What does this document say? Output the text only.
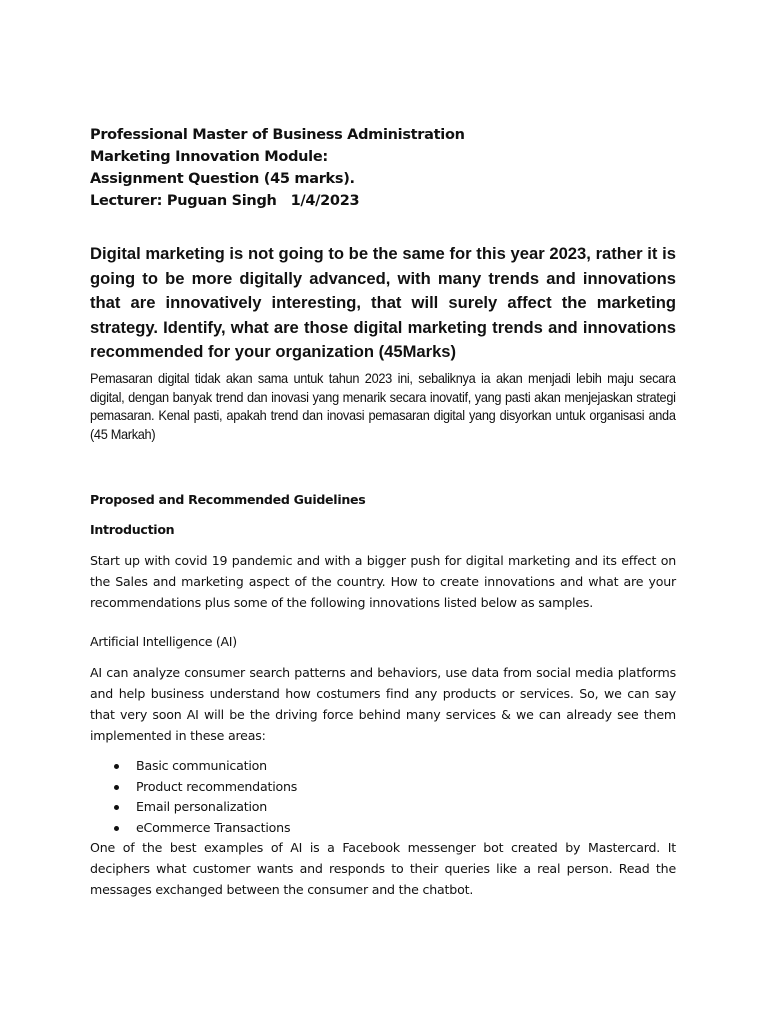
Professional Master of Business Administration
Marketing Innovation Module:
Assignment Question (45 marks).
Lecturer: Puguan Singh 1/4/2023
Digital marketing is not going to be the same for this year 2023, rather it is going to be more digitally advanced, with many trends and innovations that are innovatively interesting, that will surely affect the marketing strategy. Identify, what are those digital marketing trends and innovations recommended for your organization (45Marks)
Pemasaran digital tidak akan sama untuk tahun 2023 ini, sebaliknya ia akan menjadi lebih maju secara digital, dengan banyak trend dan inovasi yang menarik secara inovatif, yang pasti akan menjejaskan strategi pemasaran. Kenal pasti, apakah trend dan inovasi pemasaran digital yang disyorkan untuk organisasi anda (45 Markah)
Proposed and Recommended Guidelines
Introduction
Start up with covid 19 pandemic and with a bigger push for digital marketing and its effect on the Sales and marketing aspect of the country. How to create innovations and what are your recommendations plus some of the following innovations listed below as samples.
Artificial Intelligence (AI)
AI can analyze consumer search patterns and behaviors, use data from social media platforms and help business understand how costumers find any products or services. So, we can say that very soon AI will be the driving force behind many services & we can already see them implemented in these areas:
Basic communication
Product recommendations
Email personalization
eCommerce Transactions
One of the best examples of AI is a Facebook messenger bot created by Mastercard. It deciphers what customer wants and responds to their queries like a real person. Read the messages exchanged between the consumer and the chatbot.
